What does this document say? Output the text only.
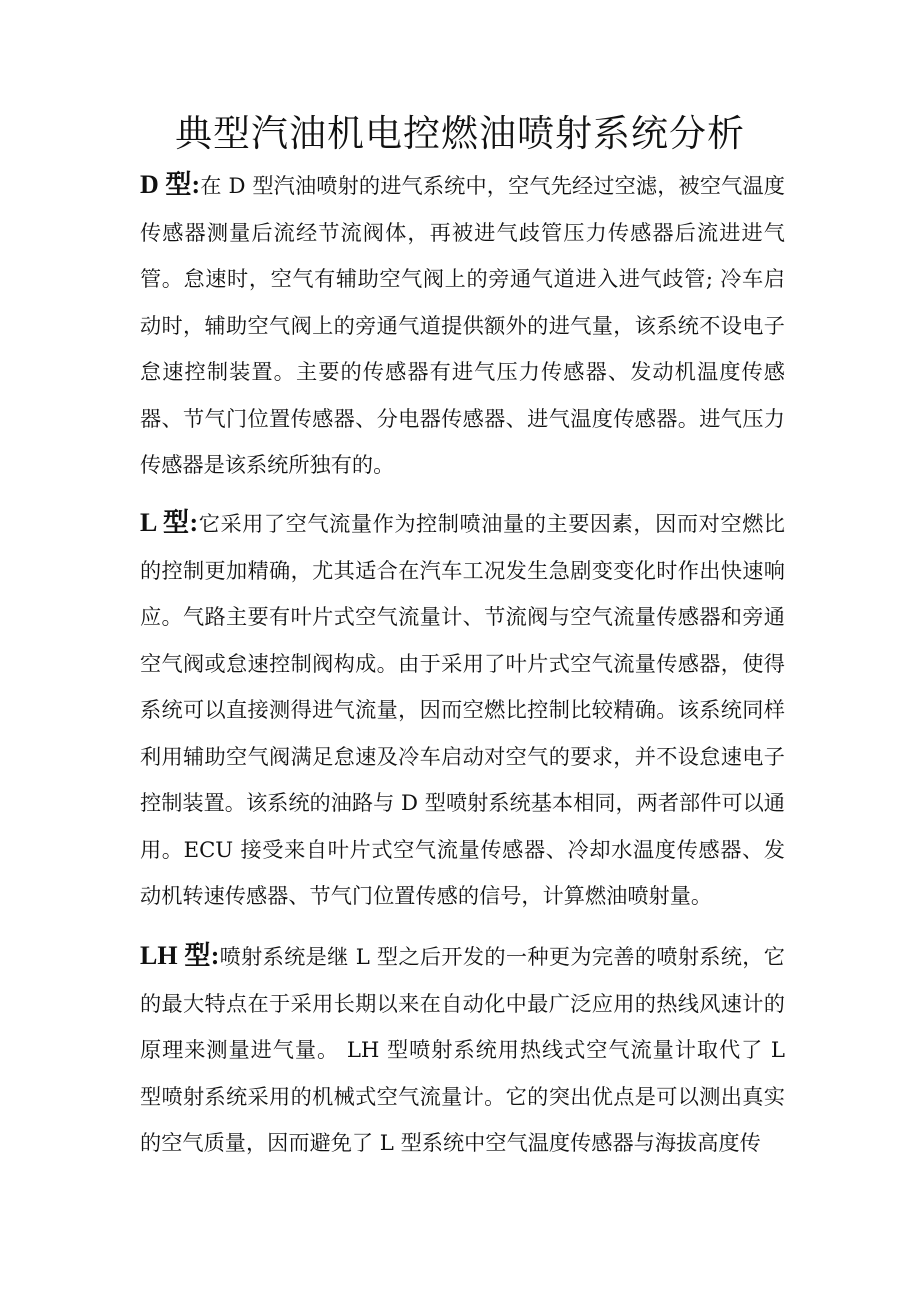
典型汽油机电控燃油喷射系统分析

D 型:在 D 型汽油喷射的进气系统中，空气先经过空滤，被空气温度传感器测量后流经节流阀体，再被进气歧管压力传感器后流进进气管。怠速时，空气有辅助空气阀上的旁通气道进入进气歧管; 冷车启动时，辅助空气阀上的旁通气道提供额外的进气量，该系统不设电子怠速控制装置。主要的传感器有进气压力传感器、发动机温度传感器、节气门位置传感器、分电器传感器、进气温度传感器。进气压力传感器是该系统所独有的。

L 型:它采用了空气流量作为控制喷油量的主要因素，因而对空燃比的控制更加精确，尤其适合在汽车工况发生急剧变变化时作出快速响应。气路主要有叶片式空气流量计、节流阀与空气流量传感器和旁通空气阀或怠速控制阀构成。由于采用了叶片式空气流量传感器，使得系统可以直接测得进气流量，因而空燃比控制比较精确。该系统同样利用辅助空气阀满足怠速及冷车启动对空气的要求，并不设怠速电子控制装置。该系统的油路与 D 型喷射系统基本相同，两者部件可以通用。ECU 接受来自叶片式空气流量传感器、冷却水温度传感器、发动机转速传感器、节气门位置传感的信号，计算燃油喷射量。

LH 型:喷射系统是继 L 型之后开发的一种更为完善的喷射系统，它的最大特点在于采用长期以来在自动化中最广泛应用的热线风速计的原理来测量进气量。 LH 型喷射系统用热线式空气流量计取代了 L 型喷射系统采用的机械式空气流量计。它的突出优点是可以测出真实的空气质量，因而避免了 L 型系统中空气温度传感器与海拔高度传
